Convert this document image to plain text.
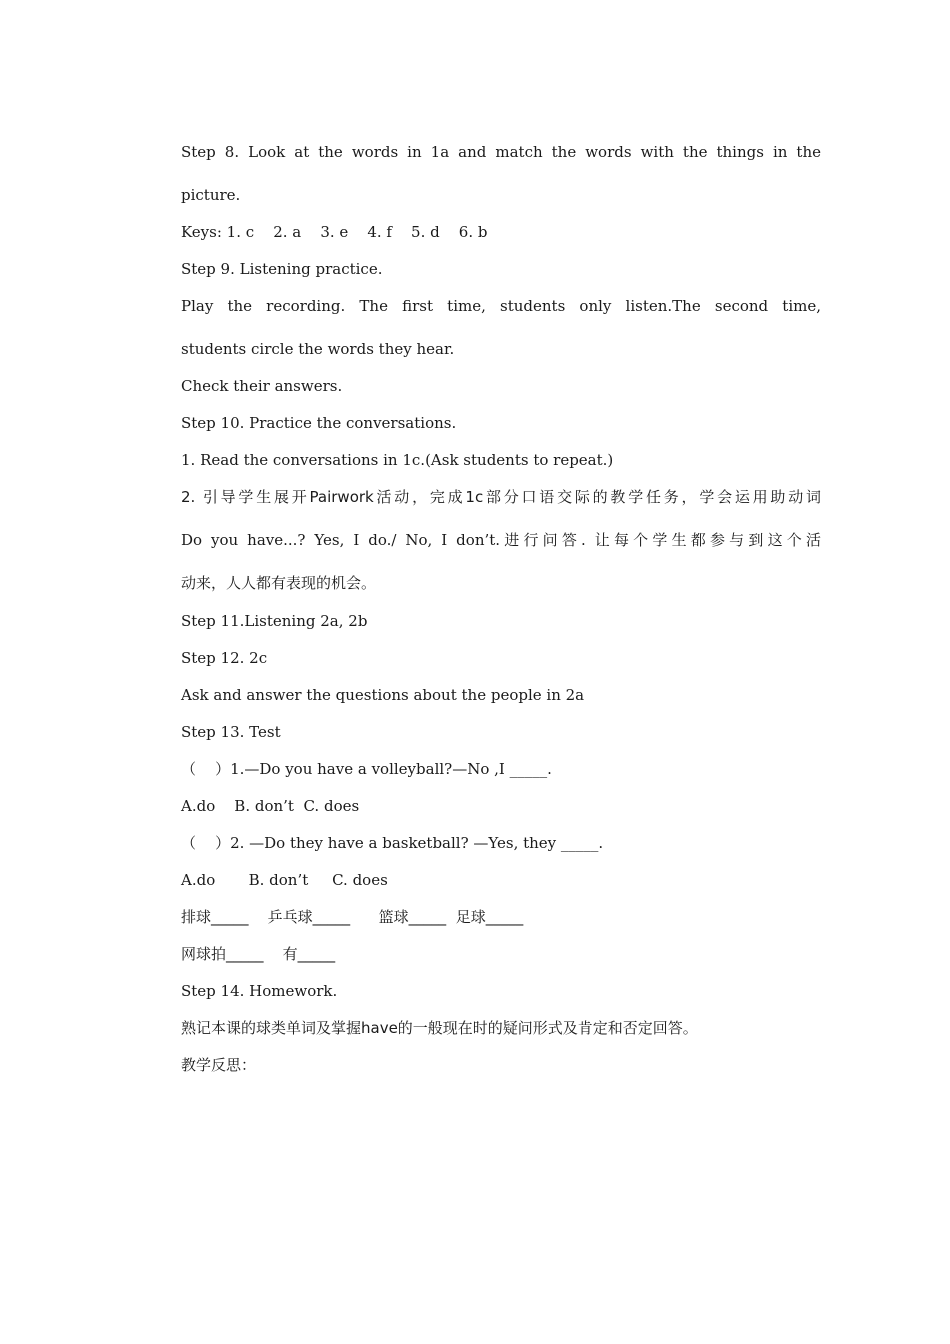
Step 8. Look at the words in 1a and match the words with the things in the
picture.
Keys: 1. c    2. a    3. e    4. f    5. d    6. b
Step 9. Listening practice.
Play the recording. The first time, students only listen.The second time,
students circle the words they hear.
Check their answers.
Step 10. Practice the conversations.
1. Read the conversations in 1c.(Ask students to repeat.)
2. 引导学生展开Pairwork活动，完成1c部分口语交际的教学任务，学会运用助动词
Do you have...? Yes, I do./ No, I don’t.进行问答. 让每个学生都参与到这个活
动来，人人都有表现的机会。
Step 11.Listening 2a, 2b
Step 12. 2c
Ask and answer the questions about the people in 2a
Step 13. Test
（    ）1.—Do you have a volleyball?—No ,I _____.
A.do    B. don’t  C. does
（    ）2. —Do they have a basketball? —Yes, they _____.
A.do       B. don’t     C. does
排球_____    乒乓球_____      篮球_____  足球_____
网球拍_____    有_____
Step 14. Homework.
熟记本课的球类单词及掌握have的一般现在时的疑问形式及肯定和否定回答。
教学反思：
